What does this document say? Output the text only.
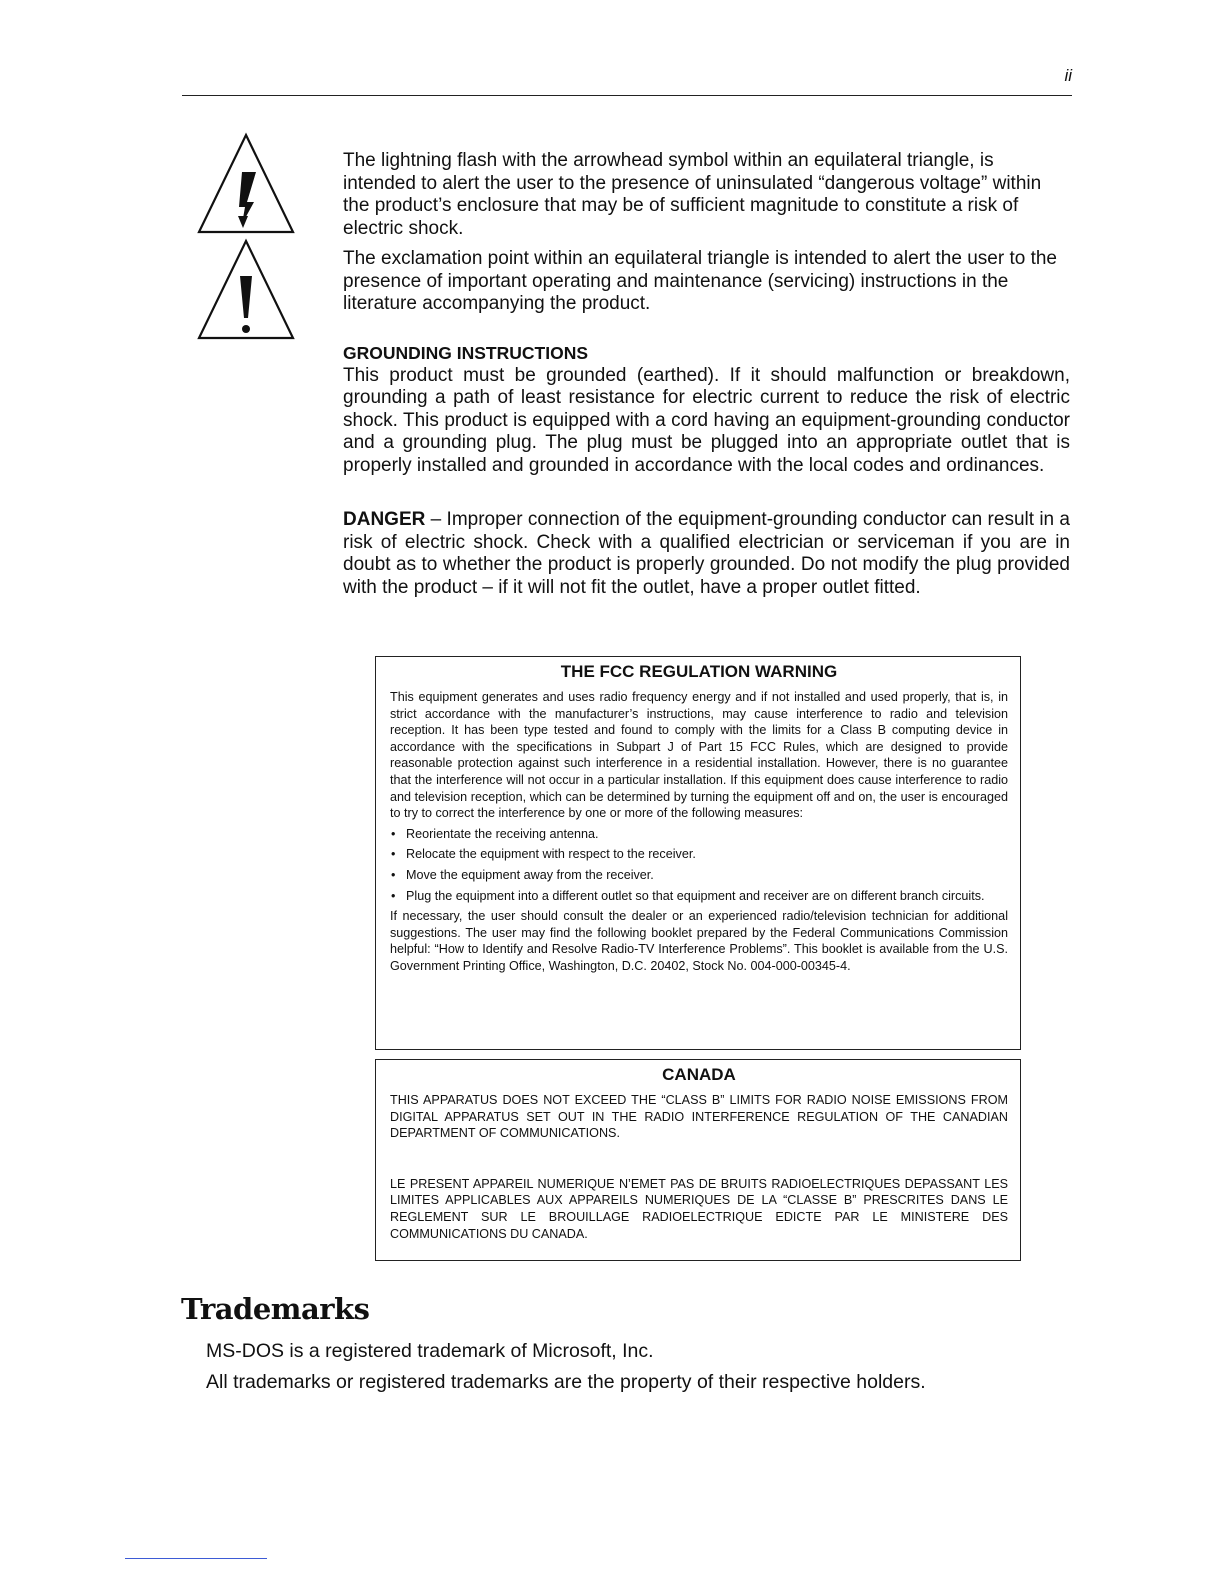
ii

The lightning flash with the arrowhead symbol within an equilateral triangle, is intended to alert the user to the presence of uninsulated “dangerous voltage” within the product’s enclosure that may be of sufficient magnitude to constitute a risk of electric shock.

The exclamation point within an equilateral triangle is intended to alert the user to the presence of important operating and maintenance (servicing) instructions in the literature accompanying the product.

GROUNDING INSTRUCTIONS

This product must be grounded (earthed). If it should malfunction or breakdown, grounding a path of least resistance for electric current to reduce the risk of electric shock. This product is equipped with a cord having an equipment-grounding conductor and a grounding plug. The plug must be plugged into an appropriate outlet that is properly installed and grounded in accordance with the local codes and ordinances.

DANGER – Improper connection of the equipment-grounding conductor can result in a risk of electric shock. Check with a qualified electrician or serviceman if you are in doubt as to whether the product is properly grounded. Do not modify the plug provided with the product – if it will not fit the outlet, have a proper outlet fitted.

THE FCC REGULATION WARNING

This equipment generates and uses radio frequency energy and if not installed and used properly, that is, in strict accordance with the manufacturer’s instructions, may cause interference to radio and television reception. It has been type tested and found to comply with the limits for a Class B computing device in accordance with the specifications in Subpart J of Part 15 FCC Rules, which are designed to provide reasonable protection against such interference in a residential installation. However, there is no guarantee that the interference will not occur in a particular installation. If this equipment does cause interference to radio and television reception, which can be determined by turning the equipment off and on, the user is encouraged to try to correct the interference by one or more of the following measures:

• Reorientate the receiving antenna.
• Relocate the equipment with respect to the receiver.
• Move the equipment away from the receiver.
• Plug the equipment into a different outlet so that equipment and receiver are on different branch circuits.

If necessary, the user should consult the dealer or an experienced radio/television technician for additional suggestions. The user may find the following booklet prepared by the Federal Communications Commission helpful: “How to Identify and Resolve Radio-TV Interference Problems”. This booklet is available from the U.S. Government Printing Office, Washington, D.C. 20402, Stock No. 004-000-00345-4.

CANADA

THIS APPARATUS DOES NOT EXCEED THE “CLASS B” LIMITS FOR RADIO NOISE EMISSIONS FROM DIGITAL APPARATUS SET OUT IN THE RADIO INTERFERENCE REGULATION OF THE CANADIAN DEPARTMENT OF COMMUNICATIONS.

LE PRESENT APPAREIL NUMERIQUE N’EMET PAS DE BRUITS RADIOELECTRIQUES DEPASSANT LES LIMITES APPLICABLES AUX APPAREILS NUMERIQUES DE LA “CLASSE B” PRESCRITES DANS LE REGLEMENT SUR LE BROUILLAGE RADIOELECTRIQUE EDICTE PAR LE MINISTERE DES COMMUNICATIONS DU CANADA.

Trademarks

MS-DOS is a registered trademark of Microsoft, Inc.

All trademarks or registered trademarks are the property of their respective holders.
